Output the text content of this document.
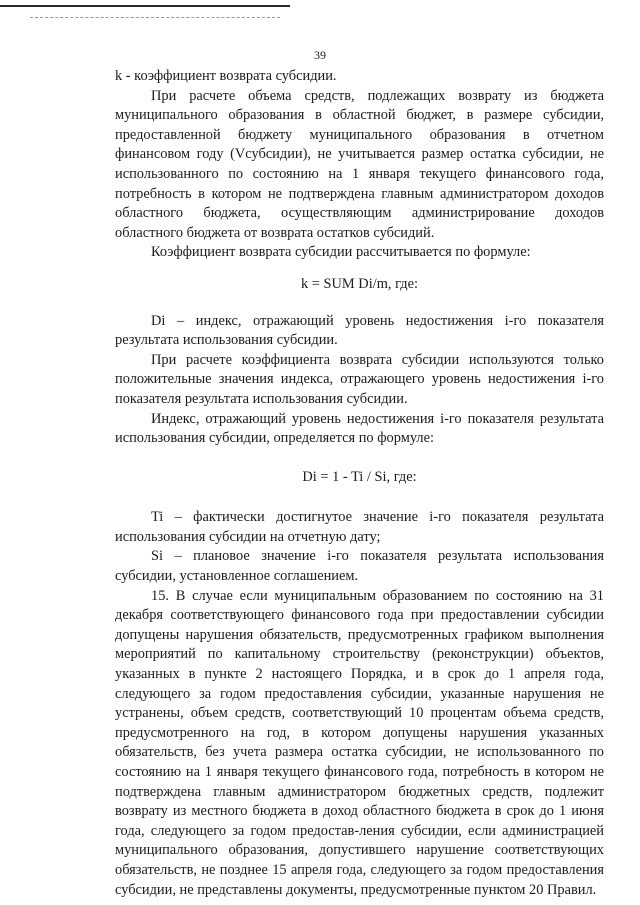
39

k - коэффициент возврата субсидии.

При расчете объема средств, подлежащих возврату из бюджета муниципального образования в областной бюджет, в размере субсидии, предоставленной бюджету муниципального образования в отчетном финансовом году (Vсубсидии), не учитывается размер остатка субсидии, не использованного по состоянию на 1 января текущего финансового года, потребность в котором не подтверждена главным администратором доходов областного бюджета, осуществляющим администрирование доходов областного бюджета от возврата остатков субсидий.

Коэффициент возврата субсидии рассчитывается по формуле:

k = SUM Di/m, где:

Di – индекс, отражающий уровень недостижения i-го показателя результата использования субсидии.

При расчете коэффициента возврата субсидии используются только положительные значения индекса, отражающего уровень недостижения i-го показателя результата использования субсидии.

Индекс, отражающий уровень недостижения i-го показателя результата использования субсидии, определяется по формуле:

Di = 1 - Ti / Si, где:

Ti – фактически достигнутое значение i-го показателя результата использования субсидии на отчетную дату;

Si – плановое значение i-го показателя результата использования субсидии, установленное соглашением.

15. В случае если муниципальным образованием по состоянию на 31 декабря соответствующего финансового года при предоставлении субсидии допущены нарушения обязательств, предусмотренных графиком выполнения мероприятий по капитальному строительству (реконструкции) объектов, указанных в пункте 2 настоящего Порядка, и в срок до 1 апреля года, следующего за годом предоставления субсидии, указанные нарушения не устранены, объем средств, соответствующий 10 процентам объема средств, предусмотренного на год, в котором допущены нарушения указанных обязательств, без учета размера остатка субсидии, не использованного по состоянию на 1 января текущего финансового года, потребность в котором не подтверждена главным администратором бюджетных средств, подлежит возврату из местного бюджета в доход областного бюджета в срок до 1 июня года, следующего за годом предостав-ления субсидии, если администрацией муниципального образования, допустившего нарушение соответствующих обязательств, не позднее 15 апреля года, следующего за годом предоставления субсидии, не представлены документы, предусмотренные пунктом 20 Правил.
